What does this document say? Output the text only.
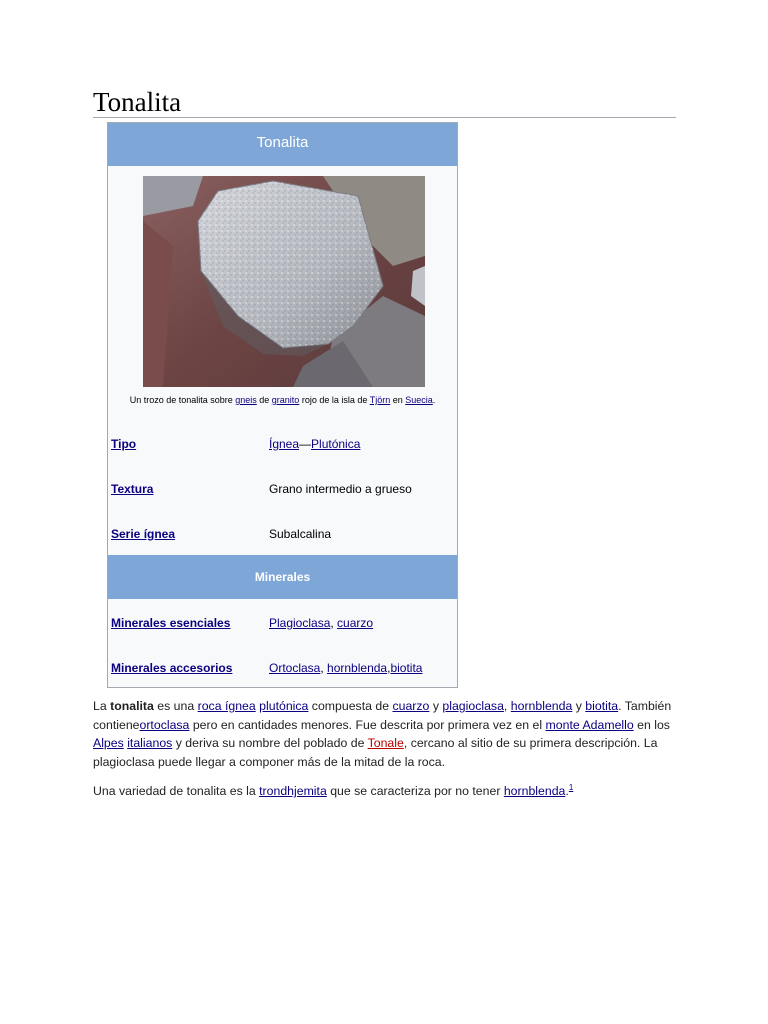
Tonalita
Tonalita
Un trozo de tonalita sobre gneis de granito rojo de la isla de Tjörn en Suecia.
Tipo	Ígnea—Plutónica
Textura	Grano intermedio a grueso
Serie ígnea	Subalcalina
Minerales
Minerales esenciales	Plagioclasa, cuarzo
Minerales accesorios	Ortoclasa, hornblenda,biotita

La tonalita es una roca ígnea plutónica compuesta de cuarzo y plagioclasa, hornblenda y biotita. También contieneortoclasa pero en cantidades menores. Fue descrita por primera vez en el monte Adamello en los Alpes italianos y deriva su nombre del poblado de Tonale, cercano al sitio de su primera descripción. La plagioclasa puede llegar a componer más de la mitad de la roca.

Una variedad de tonalita es la trondhjemita que se caracteriza por no tener hornblenda.$^1$
